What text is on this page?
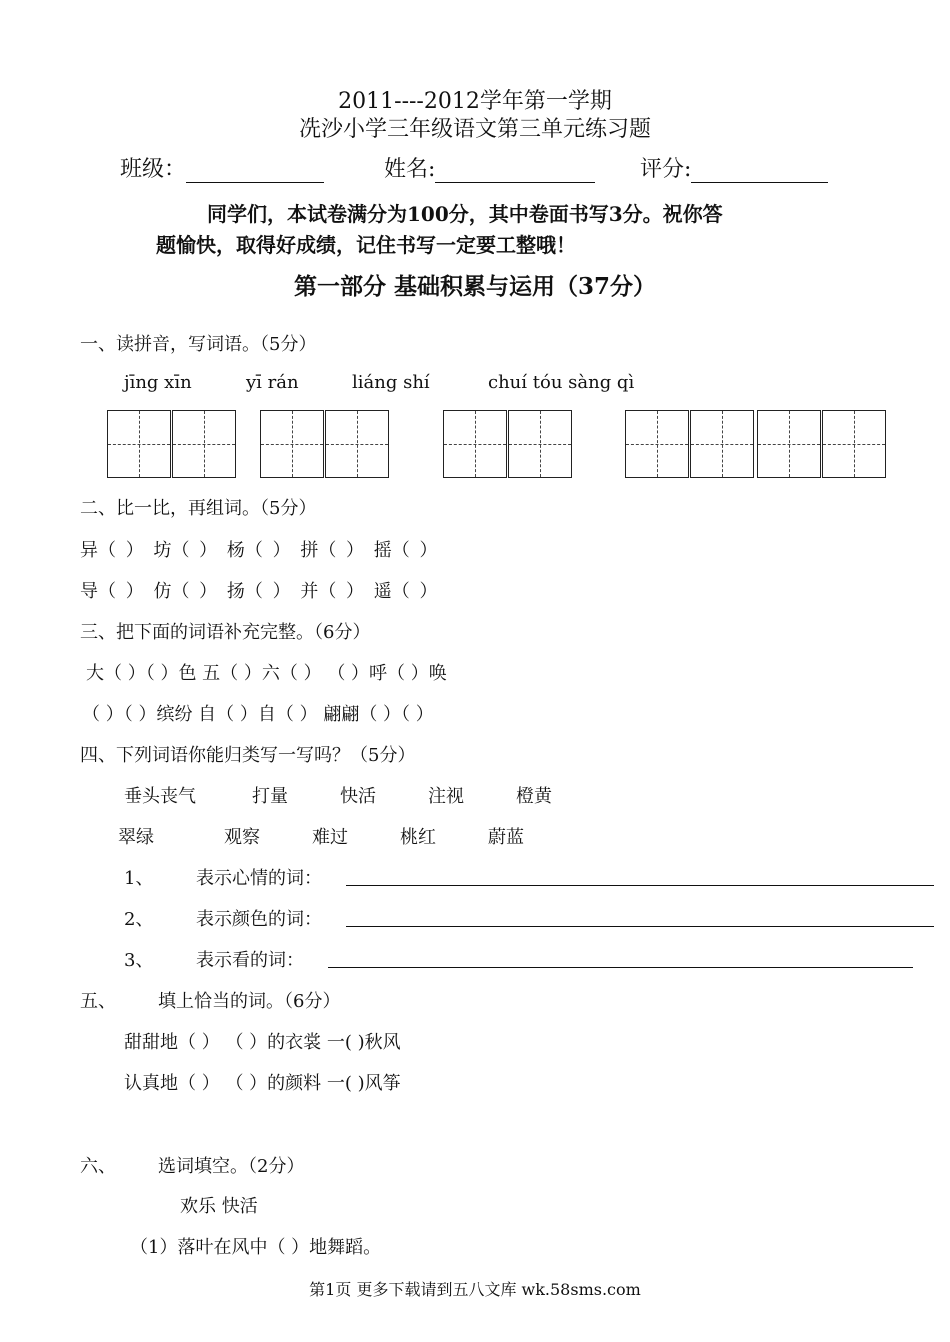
2011----2012学年第一学期
冼沙小学三年级语文第三单元练习题
班级：	姓名:	评分:
同学们，本试卷满分为100分，其中卷面书写3分。祝你答
题愉快，取得好成绩，记住书写一定要工整哦！
第一部分 基础积累与运用（37分）
一、读拼音，写词语。（5分）
jīng xīn	yī rán	liáng shí	chuí tóu sàng qì
二、比一比，再组词。（5分）
异（ ） 坊（ ） 杨（ ） 拼（ ） 摇（ ）
导（ ） 仿（ ） 扬（ ） 并（ ） 遥（ ）
三、把下面的词语补充完整。（6分）
大（ ）（ ）色 五（ ）六（ ） （ ）呼（ ）唤
（ ）（ ）缤纷 自（ ）自（ ） 翩翩（ ）（ ）
四、下列词语你能归类写一写吗？（5分）
垂头丧气	打量	快活	注视	橙黄
翠绿	观察	难过	桃红	蔚蓝
1、 表示心情的词：
2、 表示颜色的词：
3、 表示看的词：
五、 填上恰当的词。（6分）
甜甜地（ ） （ ）的衣裳 一( )秋风
认真地（ ） （ ）的颜料 一( )风筝
六、 选词填空。（2分）
欢乐 快活
（1）落叶在风中（ ）地舞蹈。
第1页 更多下载请到五八文库 wk.58sms.com
